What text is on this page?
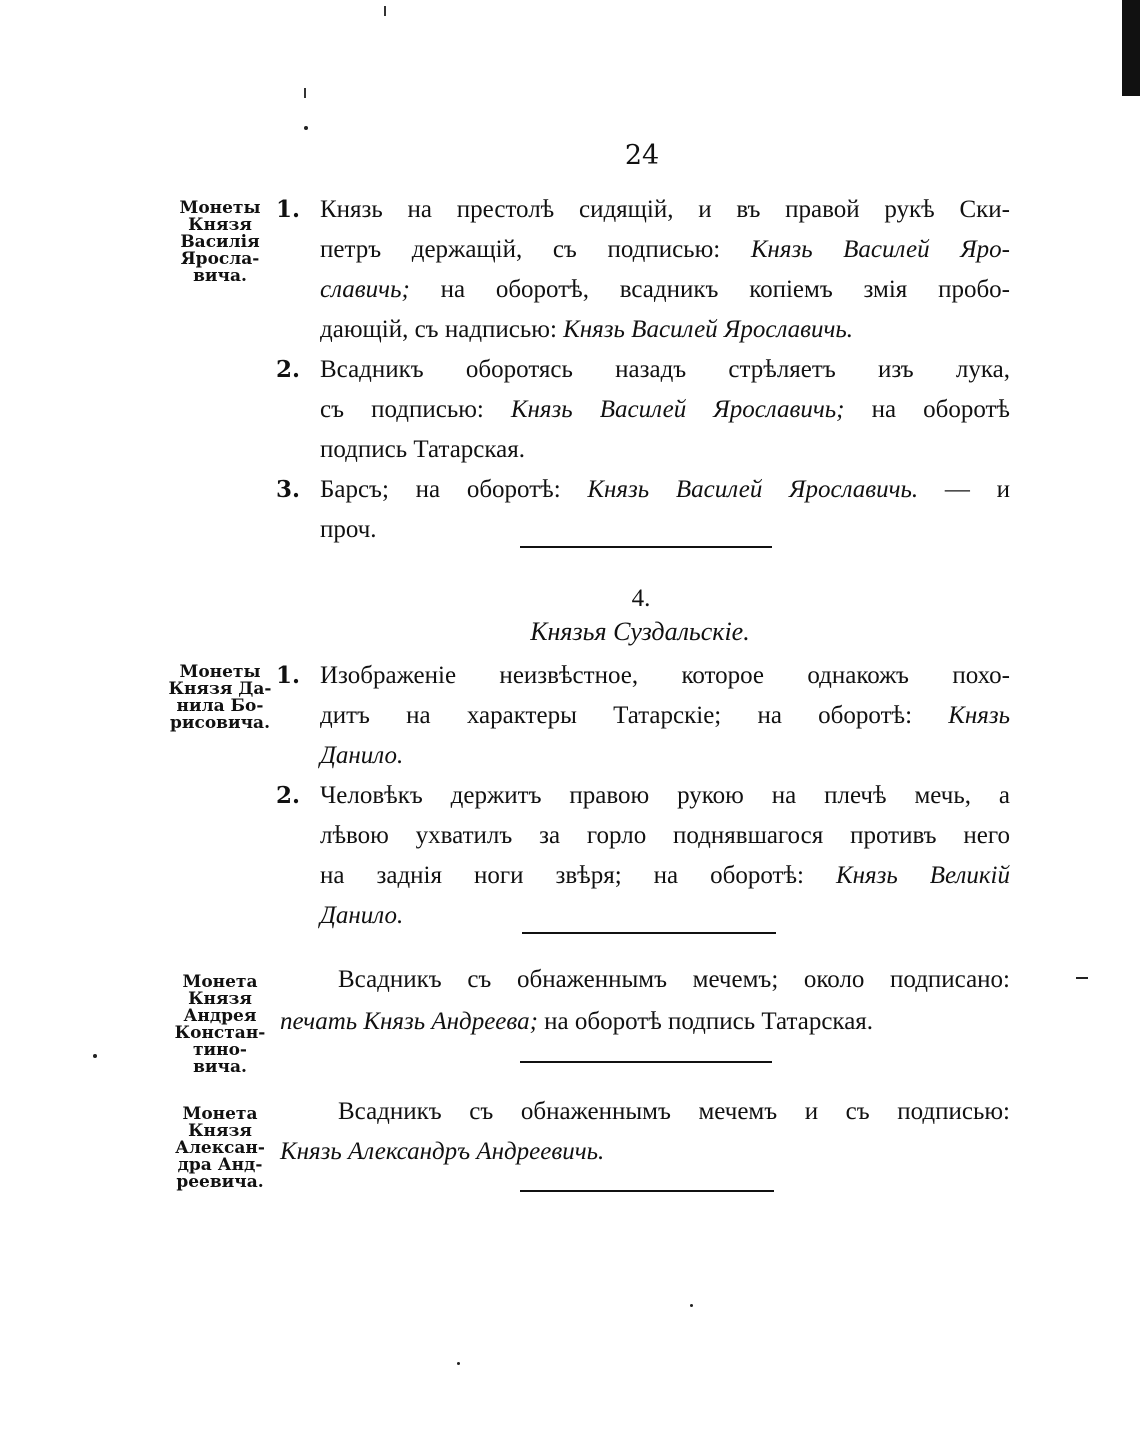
24
Монеты
Князя
Василія
Яросла-
вича.
1. Князь на престолѣ сидящій, и въ правой рукѣ Ски-
петръ держащій, съ подписью: Князь Василей Яро-
славичь; на оборотѣ, всадникъ копіемъ змія пробо-
дающій, съ надписью: Князь Василей Ярославичь.
2. Всадникъ оборотясь назадъ стрѣляетъ изъ лука,
съ подписью: Князь Василей Ярославичь; на оборотѣ
подпись Татарская.
3. Барсъ; на оборотѣ: Князь Василей Ярославичь. — и
проч.
4.
Князья Суздальскіе.
Монеты
Князя Да-
нила Бо-
рисовича.
1. Изображеніе неизвѣстное, которое однакожъ похо-
дитъ на характеры Татарскіе; на оборотѣ: Князь
Данило.
2. Человѣкъ держитъ правою рукою на плечѣ мечь, а
лѣвою ухватилъ за горло поднявшагося противъ него
на заднія ноги звѣря; на оборотѣ: Князь Великій
Данило.
Монета
Князя
Андрея
Констан-
тино-
вича.
Всадникъ съ обнаженнымъ мечемъ; около подписано:
печать Князь Андреева; на оборотѣ подпись Татарская.
Монета
Князя
Алексан-
дра Анд-
реевича.
Всадникъ съ обнаженнымъ мечемъ и съ подписью:
Князь Александръ Андреевичь.
